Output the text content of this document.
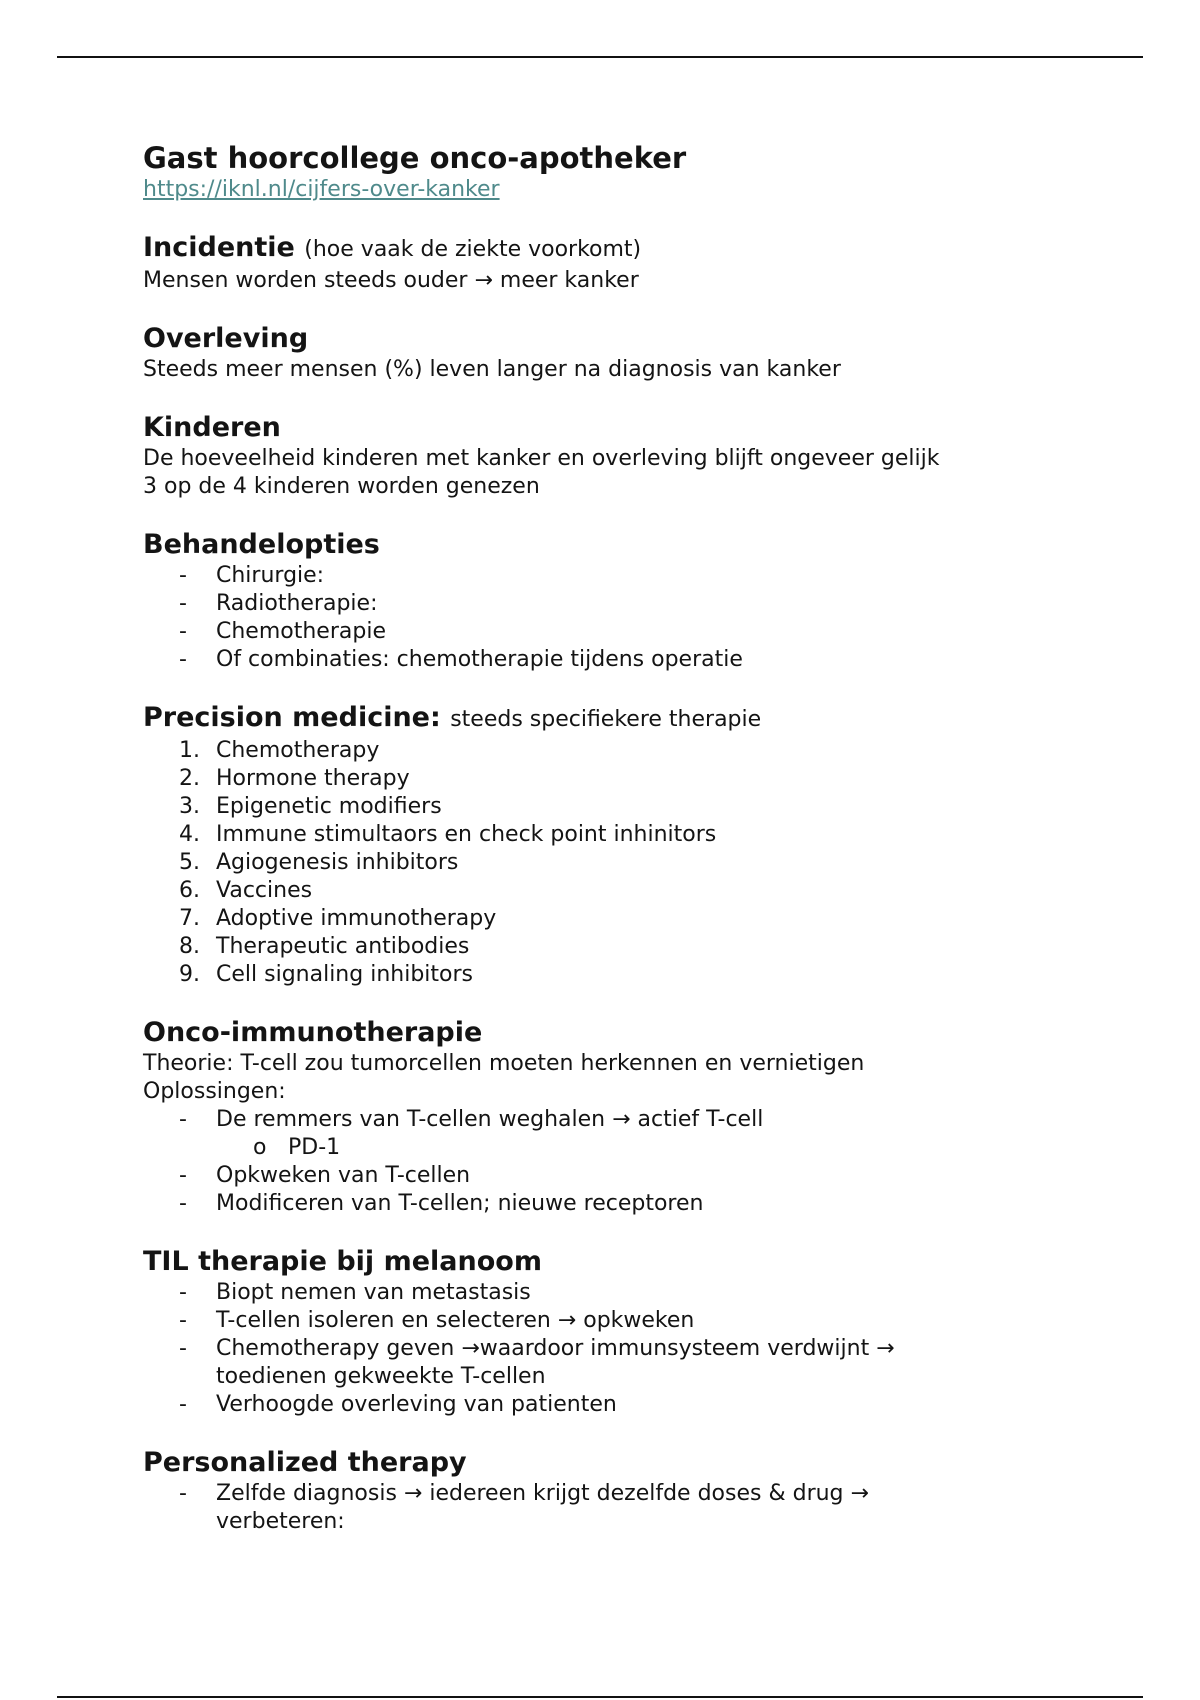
Gast hoorcollege onco-apotheker
https://iknl.nl/cijfers-over-kanker
Incidentie (hoe vaak de ziekte voorkomt)
Mensen worden steeds ouder → meer kanker
Overleving
Steeds meer mensen (%) leven langer na diagnosis van kanker
Kinderen
De hoeveelheid kinderen met kanker en overleving blijft ongeveer gelijk
3 op de 4 kinderen worden genezen
Behandelopties
-	Chirurgie:
-	Radiotherapie:
-	Chemotherapie
-	Of combinaties: chemotherapie tijdens operatie
Precision medicine: steeds specifiekere therapie
1. Chemotherapy
2. Hormone therapy
3. Epigenetic modifiers
4. Immune stimultaors en check point inhinitors
5. Agiogenesis inhibitors
6. Vaccines
7. Adoptive immunotherapy
8. Therapeutic antibodies
9. Cell signaling inhibitors
Onco-immunotherapie
Theorie: T-cell zou tumorcellen moeten herkennen en vernietigen
Oplossingen:
-	De remmers van T-cellen weghalen → actief T-cell
o PD-1
-	Opkweken van T-cellen
-	Modificeren van T-cellen; nieuwe receptoren
TIL therapie bij melanoom
-	Biopt nemen van metastasis
-	T-cellen isoleren en selecteren → opkweken
-	Chemotherapy geven →waardoor immunsysteem verdwijnt →
toedienen gekweekte T-cellen
-	Verhoogde overleving van patienten
Personalized therapy
-	Zelfde diagnosis → iedereen krijgt dezelfde doses & drug →
verbeteren:
